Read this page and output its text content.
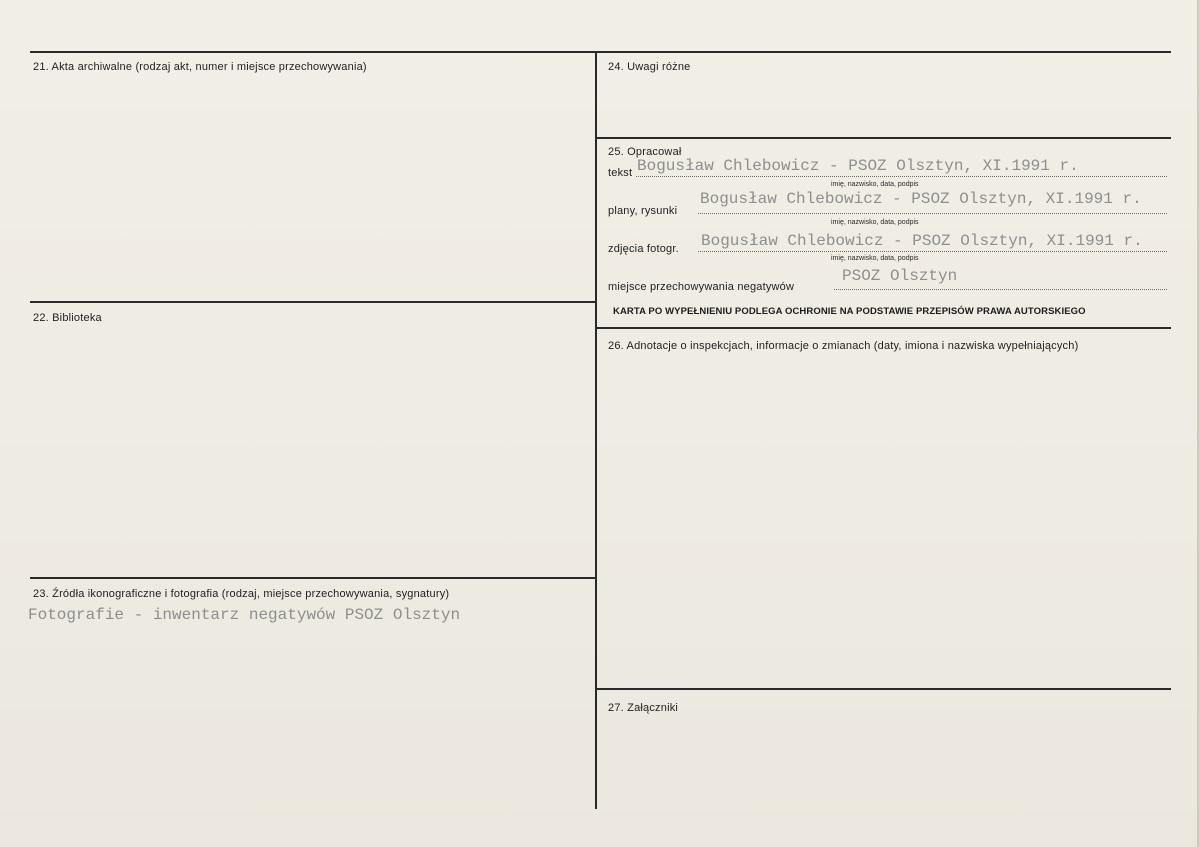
21. Akta archiwalne (rodzaj akt, numer i miejsce przechowywania)
22. Biblioteka
23. Źródła ikonograficzne i fotografia (rodzaj, miejsce przechowywania, sygnatury)
Fotografie - inwentarz negatywów PSOZ Olsztyn
24. Uwagi różne
25. Opracował
tekst Bogusław Chlebowicz - PSOZ Olsztyn, XI.1991 r.
imię, nazwisko, data, podpis
plany, rysunki
Bogusław Chlebowicz - PSOZ Olsztyn, XI.1991 r.
imię, nazwisko, data, podpis
zdjęcia fotogr. Bogusław Chlebowicz - PSOZ Olsztyn, XI.1991 r.
imię, nazwisko, data, podpis
miejsce przechowywania negatywów
PSOZ Olsztyn
KARTA PO WYPEŁNIENIU PODLEGA OCHRONIE NA PODSTAWIE PRZEPISÓW PRAWA AUTORSKIEGO
26. Adnotacje o inspekcjach, informacje o zmianach (daty, imiona i nazwiska wypełniających)
27. Załączniki
